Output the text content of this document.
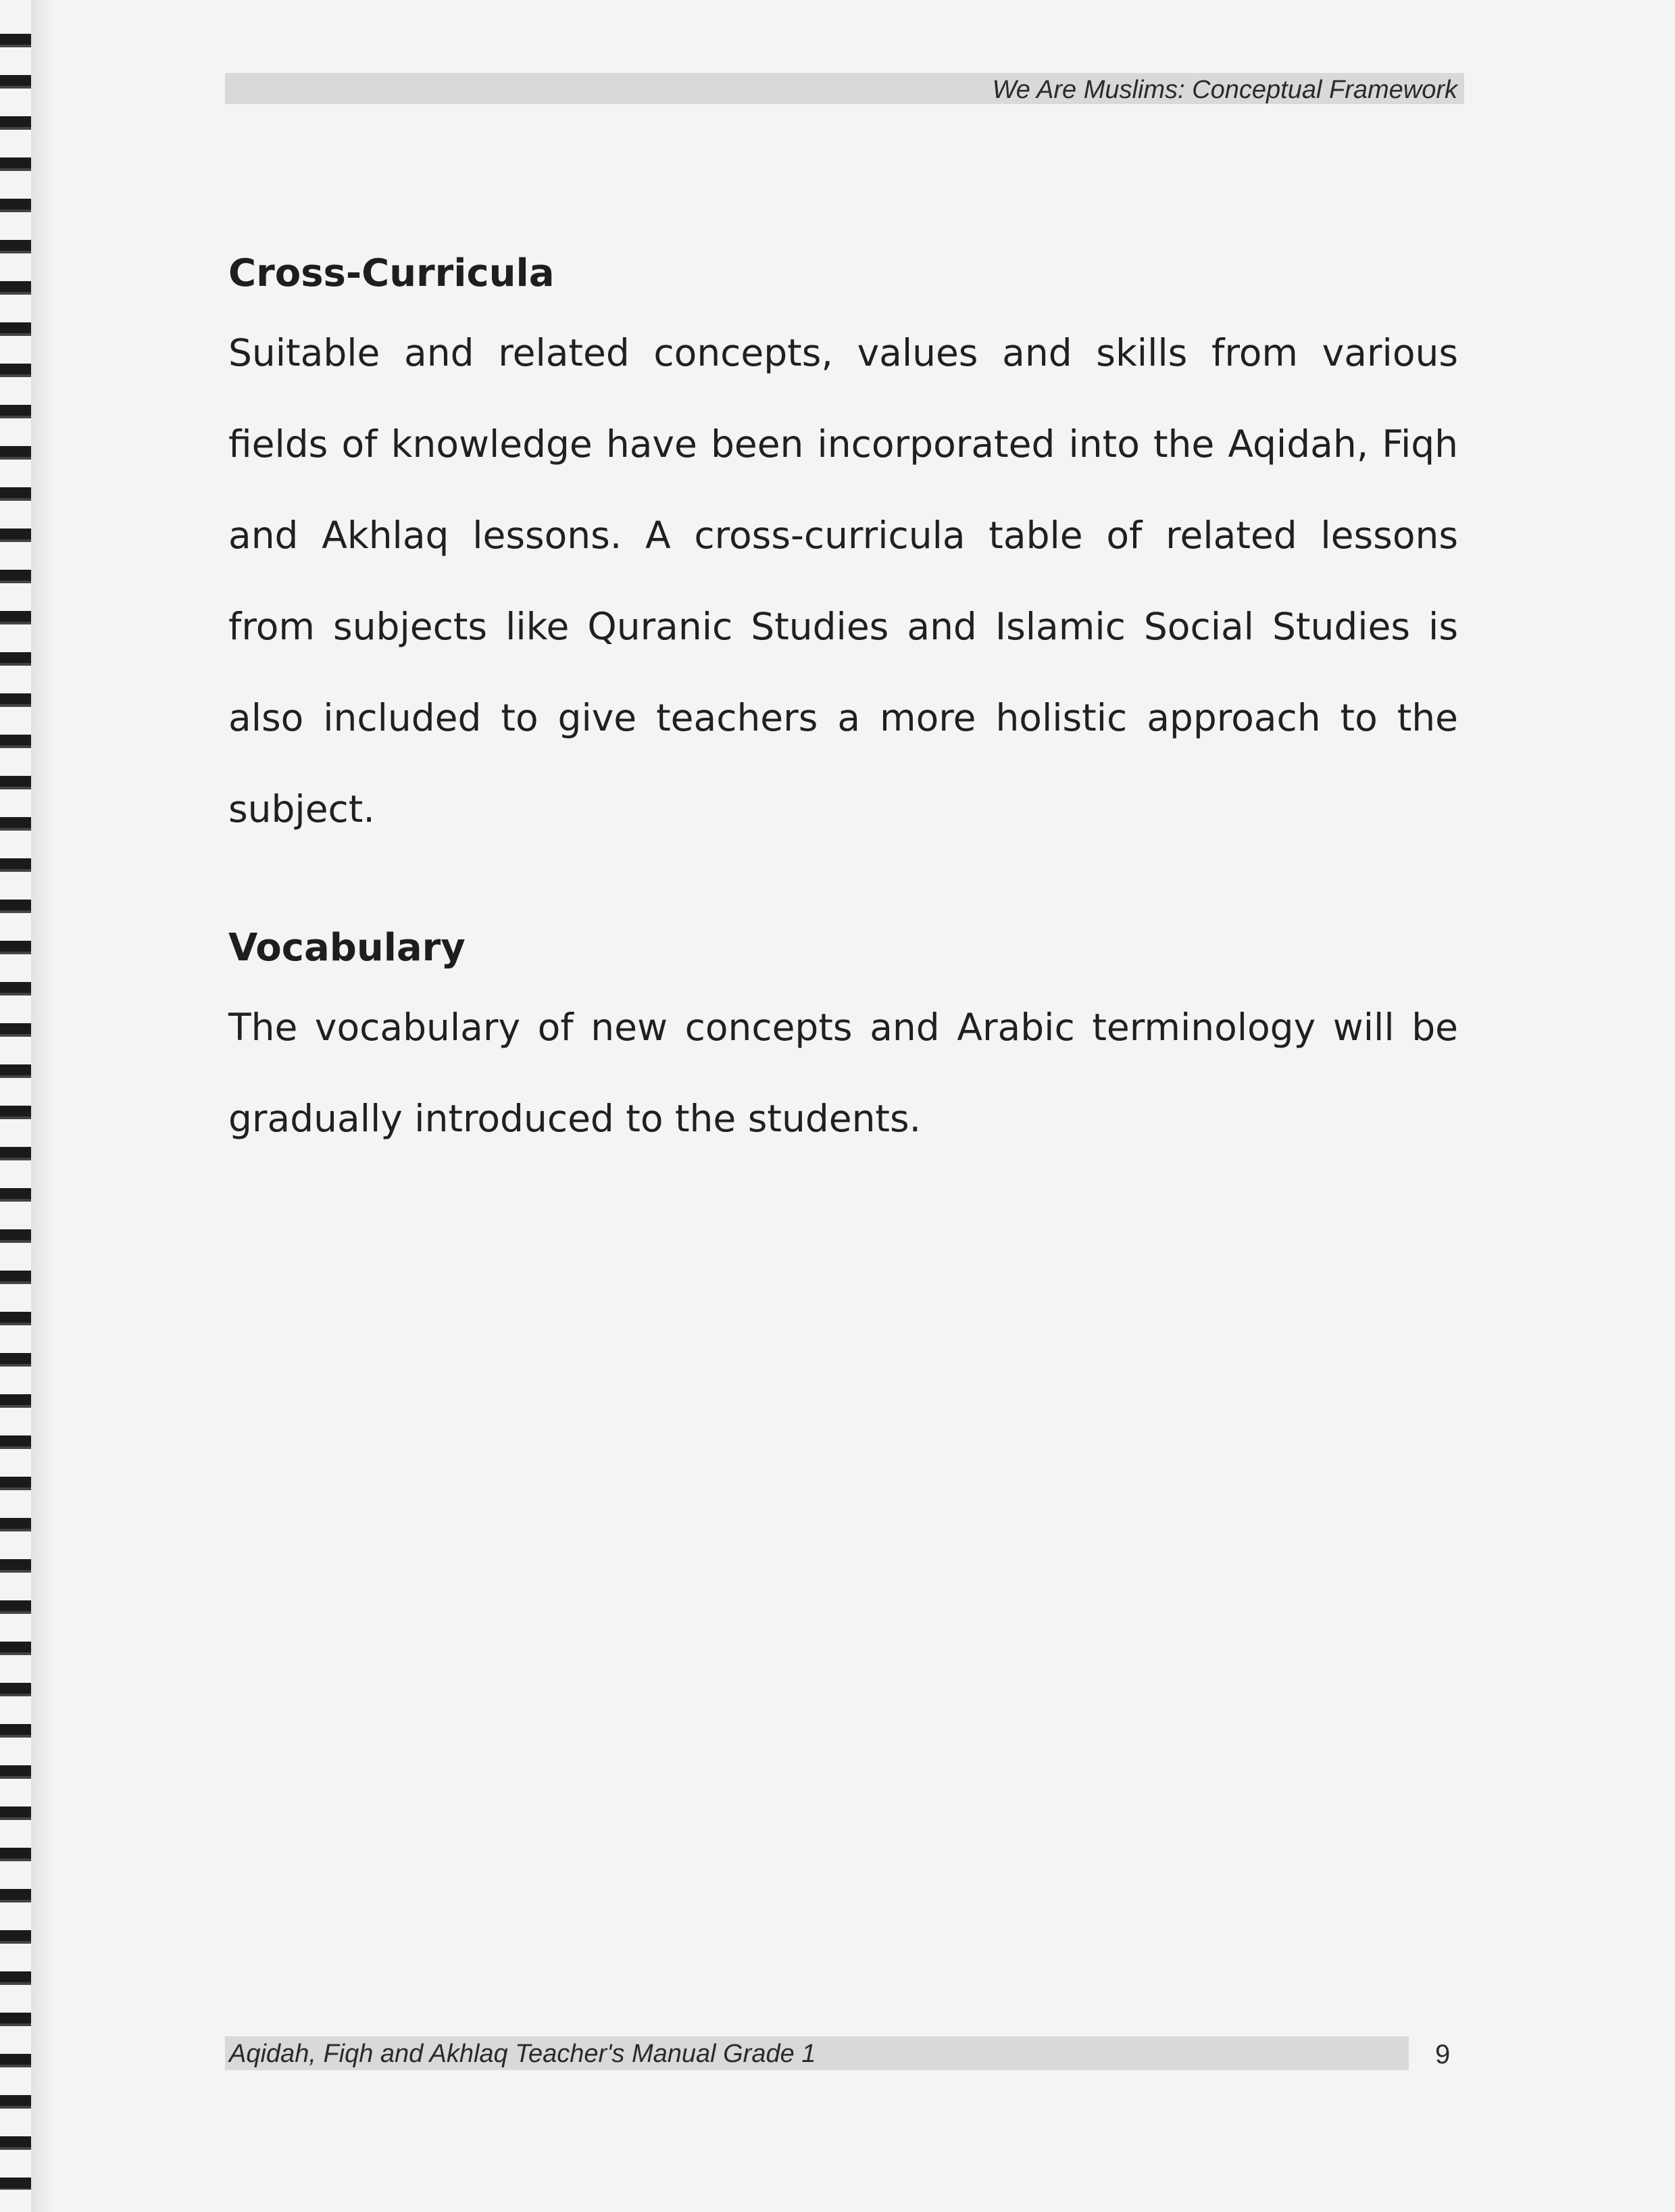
We Are Muslims: Conceptual Framework
Cross-Curricula

Suitable and related concepts, values and skills from various fields of knowledge have been incorporated into the Aqidah, Fiqh and Akhlaq lessons. A cross-curricula table of related lessons from subjects like Quranic Studies and Islamic Social Studies is also included to give teachers a more holistic approach to the subject.

Vocabulary

The vocabulary of new concepts and Arabic terminology will be gradually introduced to the students.

Aqidah, Fiqh and Akhlaq Teacher's Manual Grade 1	9
